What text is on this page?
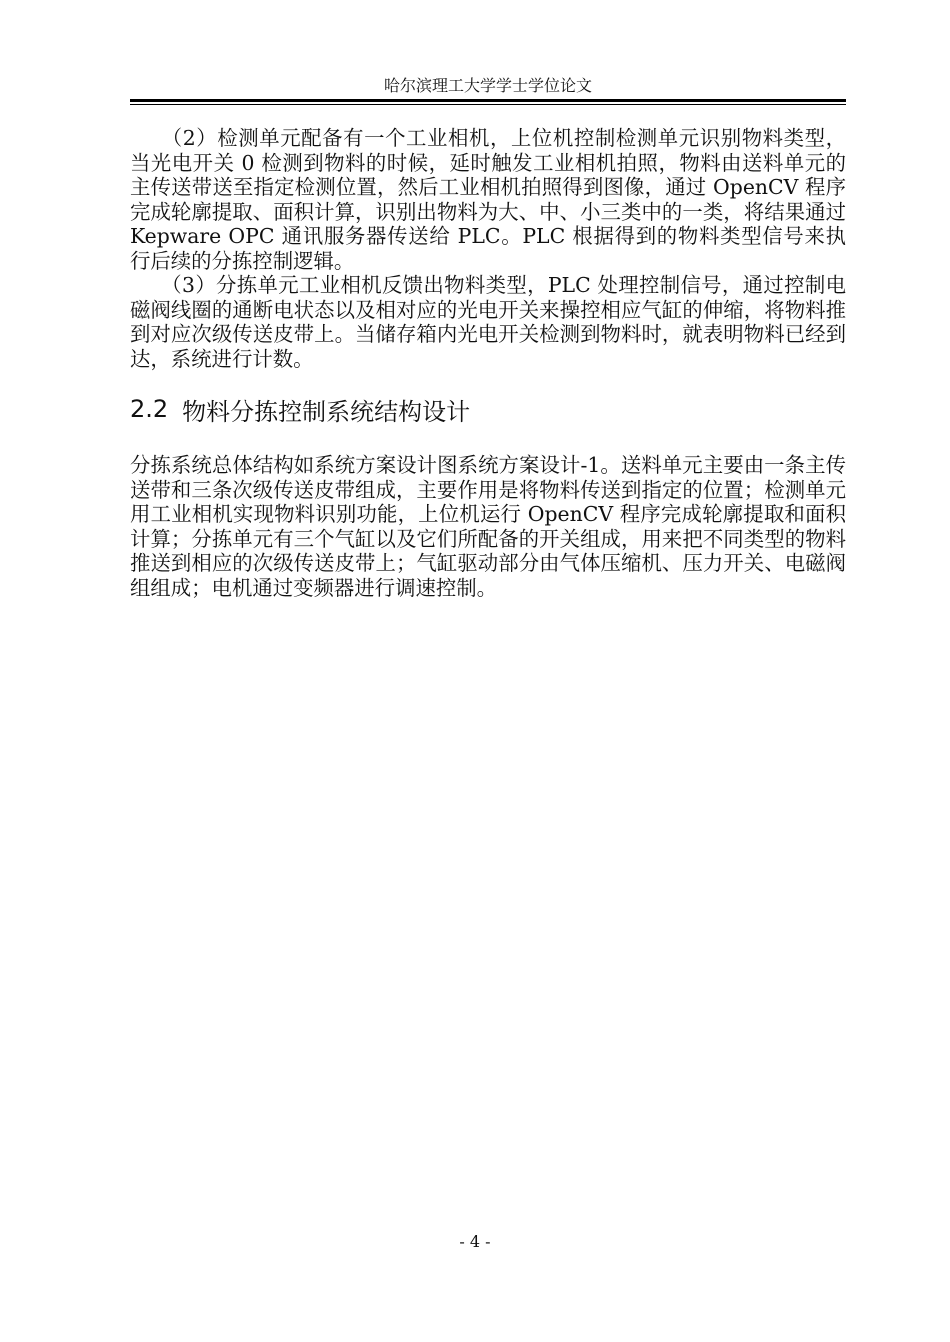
哈尔滨理工大学学士学位论文

　　（2）检测单元配备有一个工业相机，上位机控制检测单元识别物料类型，当光电开关 0 检测到物料的时候，延时触发工业相机拍照，物料由送料单元的主传送带送至指定检测位置，然后工业相机拍照得到图像，通过 OpenCV 程序完成轮廓提取、面积计算，识别出物料为大、中、小三类中的一类，将结果通过 Kepware OPC 通讯服务器传送给 PLC。PLC 根据得到的物料类型信号来执行后续的分拣控制逻辑。

　　（3）分拣单元工业相机反馈出物料类型，PLC 处理控制信号，通过控制电磁阀线圈的通断电状态以及相对应的光电开关来操控相应气缸的伸缩，将物料推到对应次级传送皮带上。当储存箱内光电开关检测到物料时，就表明物料已经到达，系统进行计数。

2.2 物料分拣控制系统结构设计

分拣系统总体结构如系统方案设计图系统方案设计-1。送料单元主要由一条主传送带和三条次级传送皮带组成，主要作用是将物料传送到指定的位置；检测单元用工业相机实现物料识别功能，上位机运行 OpenCV 程序完成轮廓提取和面积计算；分拣单元有三个气缸以及它们所配备的开关组成，用来把不同类型的物料推送到相应的次级传送皮带上；气缸驱动部分由气体压缩机、压力开关、电磁阀组组成；电机通过变频器进行调速控制。

- 4 -
